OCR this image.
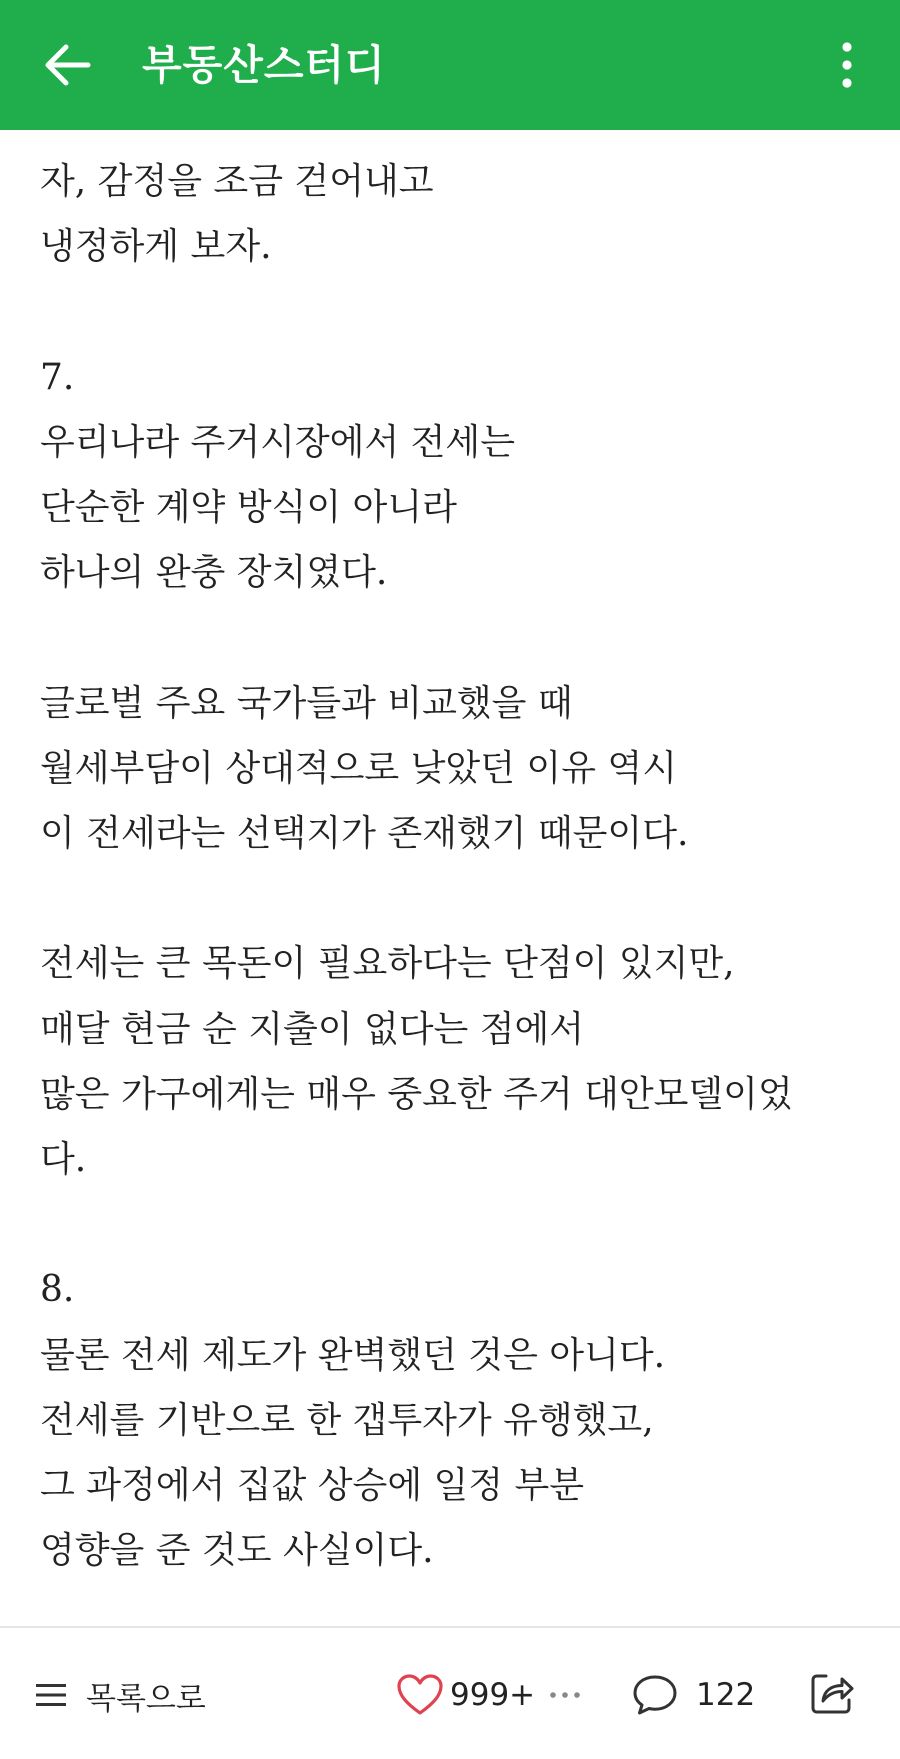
부동산스터디
자, 감정을 조금 걷어내고
냉정하게 보자.
7.
우리나라 주거시장에서 전세는
단순한 계약 방식이 아니라
하나의 완충 장치였다.
글로벌 주요 국가들과 비교했을 때
월세부담이 상대적으로 낮았던 이유 역시
이 전세라는 선택지가 존재했기 때문이다.
전세는 큰 목돈이 필요하다는 단점이 있지만,
매달 현금 순 지출이 없다는 점에서
많은 가구에게는 매우 중요한 주거 대안모델이었
다.
8.
물론 전세 제도가 완벽했던 것은 아니다.
전세를 기반으로 한 갭투자가 유행했고,
그 과정에서 집값 상승에 일정 부분
영향을 준 것도 사실이다.
목록으로	999+	122
